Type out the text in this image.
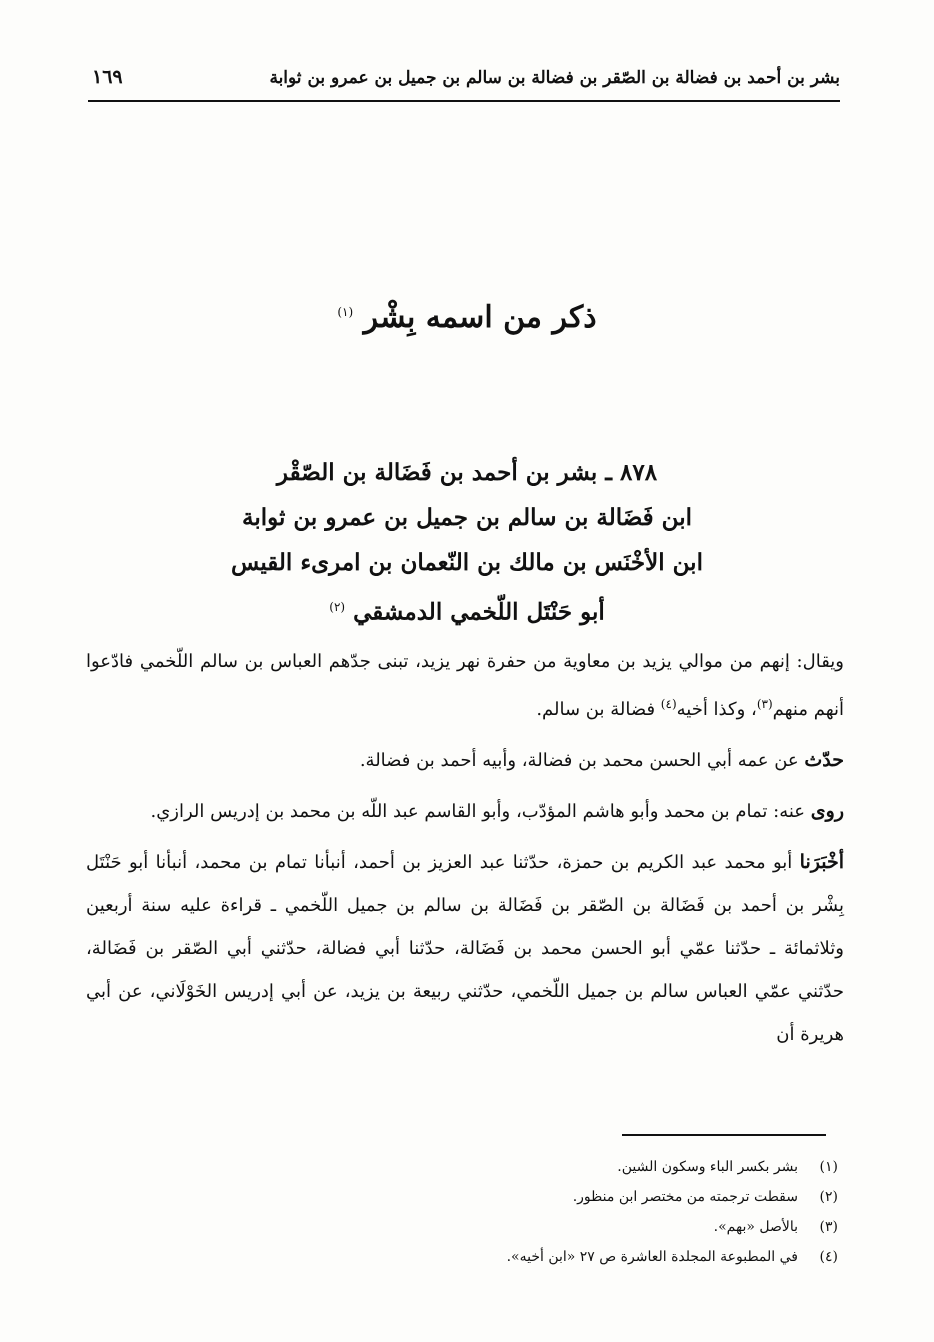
بشر بن أحمد بن فضالة بن الصّقر بن فضالة بن سالم بن جميل بن عمرو بن ثوابة
١٦٩
ذكر من اسمه بِشْر $^{(١)}$
٨٧٨ ـ بشر بن أحمد بن فَضَالة بن الصّقْر
ابن فَضَالة بن سالم بن جميل بن عمرو بن ثوابة
ابن الأخْنَس بن مالك بن النّعمان بن امرىء القيس
أبو حَنْتَل اللّخمي الدمشقي $^{(٢)}$

ويقال: إنهم من موالي يزيد بن معاوية من حفرة نهر يزيد، تبنى جدّهم العباس بن سالم اللّخمي فادّعوا أنهم منهم$^{(٣)}$، وكذا أخيه$^{(٤)}$ فضالة بن سالم.

حدّث عن عمه أبي الحسن محمد بن فضالة، وأبيه أحمد بن فضالة.

روى عنه: تمام بن محمد وأبو هاشم المؤدّب، وأبو القاسم عبد اللّه بن محمد بن إدريس الرازي.

أخْبَرَنا أبو محمد عبد الكريم بن حمزة، حدّثنا عبد العزيز بن أحمد، أنبأنا تمام بن محمد، أنبأنا أبو حَنْتَل بِشْر بن أحمد بن فَضَالة بن الصّقر بن فَضَالة بن سالم بن جميل اللّخمي ـ قراءة عليه سنة أربعين وثلاثمائة ـ حدّثنا عمّي أبو الحسن محمد بن فَضَالة، حدّثنا أبي فضالة، حدّثني أبي الصّقر بن فَضَالة، حدّثني عمّي العباس سالم بن جميل اللّخمي، حدّثني ربيعة بن يزيد، عن أبي إدريس الخَوْلَاني، عن أبي هريرة أن

(١)بشر بكسر الباء وسكون الشين.
(٢)سقطت ترجمته من مختصر ابن منظور.
(٣)بالأصل «بهم».
(٤)في المطبوعة المجلدة العاشرة ص ٢٧ «ابن أخيه».
